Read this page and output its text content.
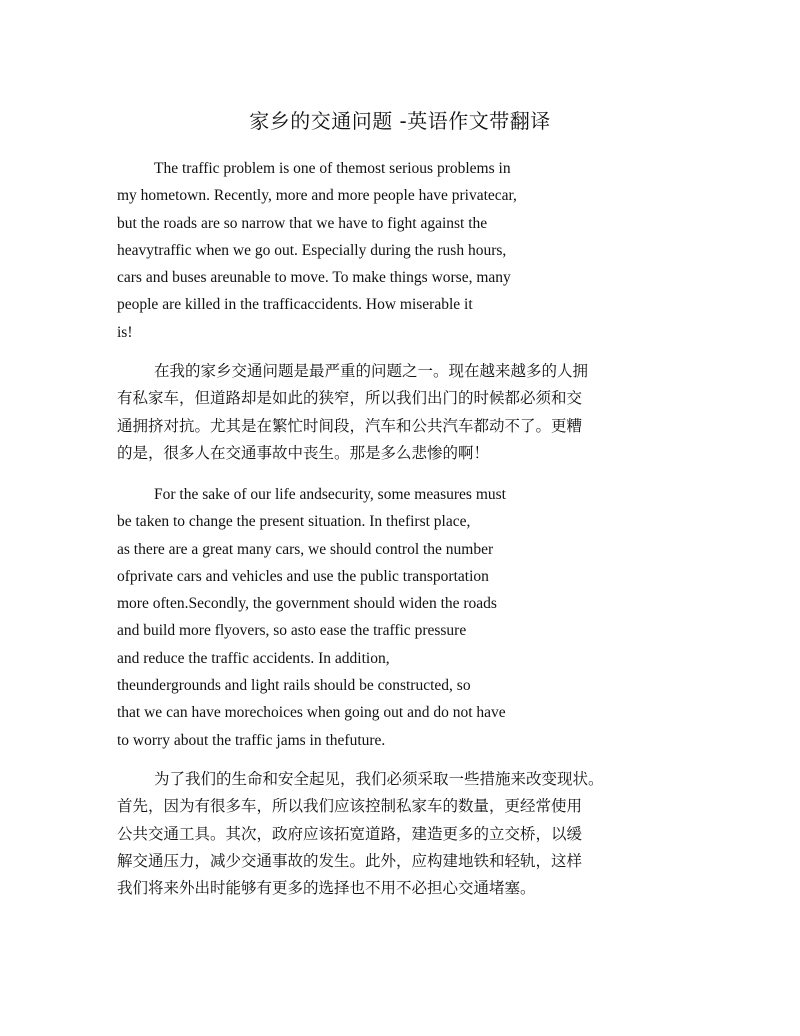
家乡的交通问题 -英语作文带翻译
The traffic problem is one of themost serious problems in
my hometown. Recently, more and more people have privatecar,
but the roads are so narrow that we have to fight against the
heavytraffic when we go out. Especially during the rush hours,
cars and buses areunable to move. To make things worse, many
people are killed in the trafficaccidents. How miserable it
is!
在我的家乡交通问题是最严重的问题之一。现在越来越多的人拥
有私家车，但道路却是如此的狭窄，所以我们出门的时候都必须和交
通拥挤对抗。尤其是在繁忙时间段，汽车和公共汽车都动不了。更糟
的是，很多人在交通事故中丧生。那是多么悲惨的啊！
For the sake of our life andsecurity, some measures must
be taken to change the present situation. In thefirst place,
as there are a great many cars, we should control the number
ofprivate cars and vehicles and use the public transportation
more often.Secondly, the government should widen the roads
and build more flyovers, so asto ease the traffic pressure
and reduce the traffic accidents. In addition,
theundergrounds and light rails should be constructed, so
that we can have morechoices when going out and do not have
to worry about the traffic jams in thefuture.
为了我们的生命和安全起见，我们必须采取一些措施来改变现状。
首先，因为有很多车，所以我们应该控制私家车的数量，更经常使用
公共交通工具。其次，政府应该拓宽道路，建造更多的立交桥，以缓
解交通压力，减少交通事故的发生。此外，应构建地铁和轻轨，这样
我们将来外出时能够有更多的选择也不用不必担心交通堵塞。
